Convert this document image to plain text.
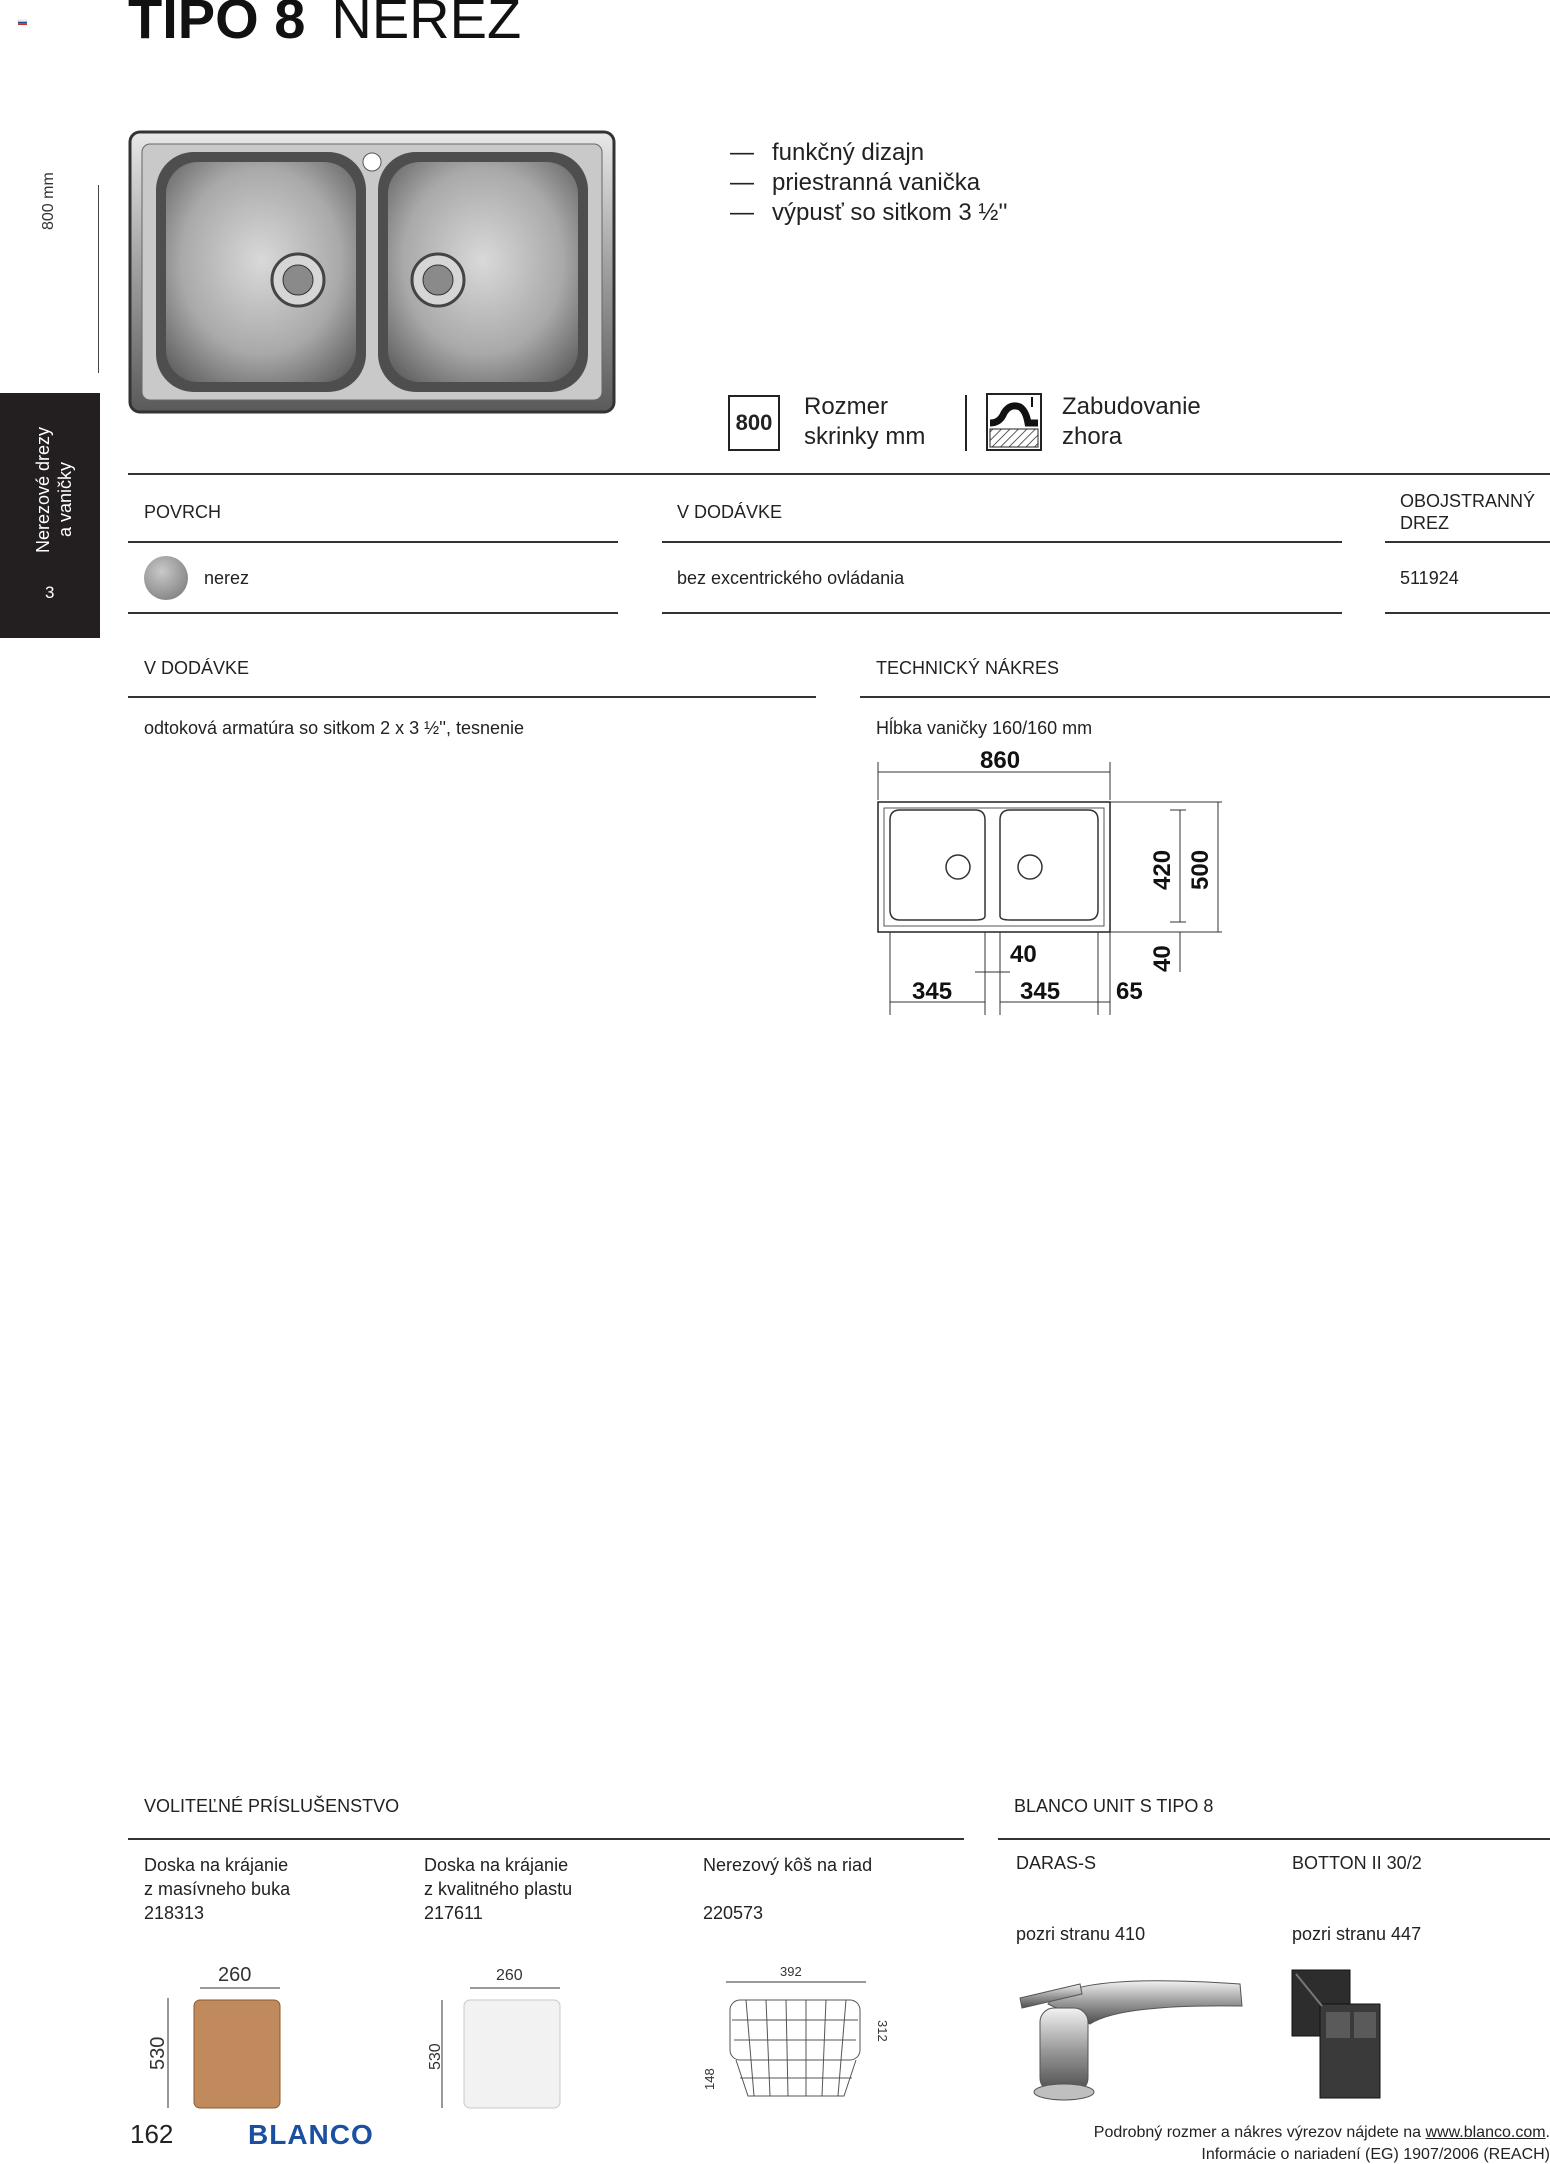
TIPO 8 NEREZ
800 mm
Nerezové drezy a vaničky
3
— funkčný dizajn
— priestranná vanička
— výpusť so sitkom 3 ½''
800
Rozmer
skrinky mm
Zabudovanie
zhora
POVRCH	V DODÁVKE
OBOJSTRANNÝ
DREZ
nerez	bez excentrického ovládania	511924
V DODÁVKE
odtoková armatúra so sitkom 2 x 3 ½'', tesnenie
TECHNICKÝ NÁKRES
Hĺbka vaničky 160/160 mm
860
500
420
40
40
345	345 65
VOLITEĽNÉ PRÍSLUŠENSTVO	BLANCO UNIT S TIPO 8
Doska na krájanie
z masívneho buka
218313
Doska na krájanie
z kvalitného plastu
217611
Nerezový kôš na riad
220573
DARAS-S
pozri stranu 410
BOTTON II 30/2
pozri stranu 447
260
530
260
530
392
312
148
162	BLANCO	Podrobný rozmer a nákres výrezov nájdete na www.blanco.com.
Informácie o nariadení (EG) 1907/2006 (REACH)
